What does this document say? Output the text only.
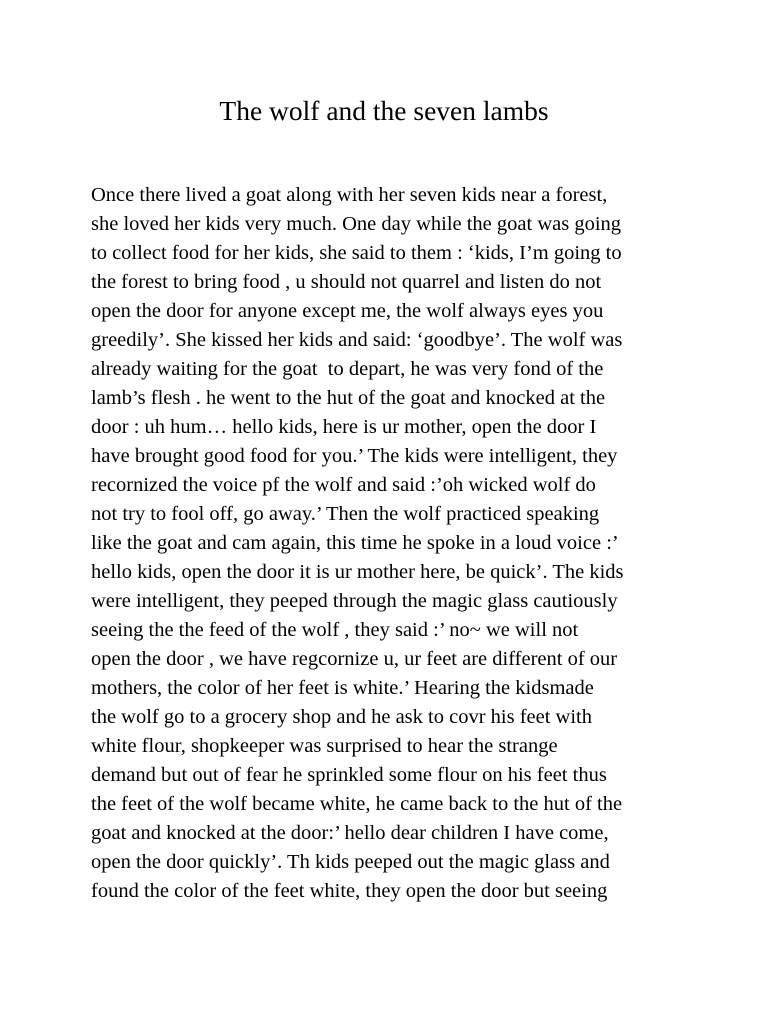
The wolf and the seven lambs
Once there lived a goat along with her seven kids near a forest,
she loved her kids very much. One day while the goat was going
to collect food for her kids, she said to them : ‘kids, I’m going to
the forest to bring food , u should not quarrel and listen do not
open the door for anyone except me, the wolf always eyes you
greedily’. She kissed her kids and said: ‘goodbye’. The wolf was
already waiting for the goat  to depart, he was very fond of the
lamb’s flesh . he went to the hut of the goat and knocked at the
door : uh hum… hello kids, here is ur mother, open the door I
have brought good food for you.’ The kids were intelligent, they
recornized the voice pf the wolf and said :’oh wicked wolf do
not try to fool off, go away.’ Then the wolf practiced speaking
like the goat and cam again, this time he spoke in a loud voice :’
hello kids, open the door it is ur mother here, be quick’. The kids
were intelligent, they peeped through the magic glass cautiously
seeing the the feed of the wolf , they said :’ no~ we will not
open the door , we have regcornize u, ur feet are different of our
mothers, the color of her feet is white.’ Hearing the kidsmade
the wolf go to a grocery shop and he ask to covr his feet with
white flour, shopkeeper was surprised to hear the strange
demand but out of fear he sprinkled some flour on his feet thus
the feet of the wolf became white, he came back to the hut of the
goat and knocked at the door:’ hello dear children I have come,
open the door quickly’. Th kids peeped out the magic glass and
found the color of the feet white, they open the door but seeing
